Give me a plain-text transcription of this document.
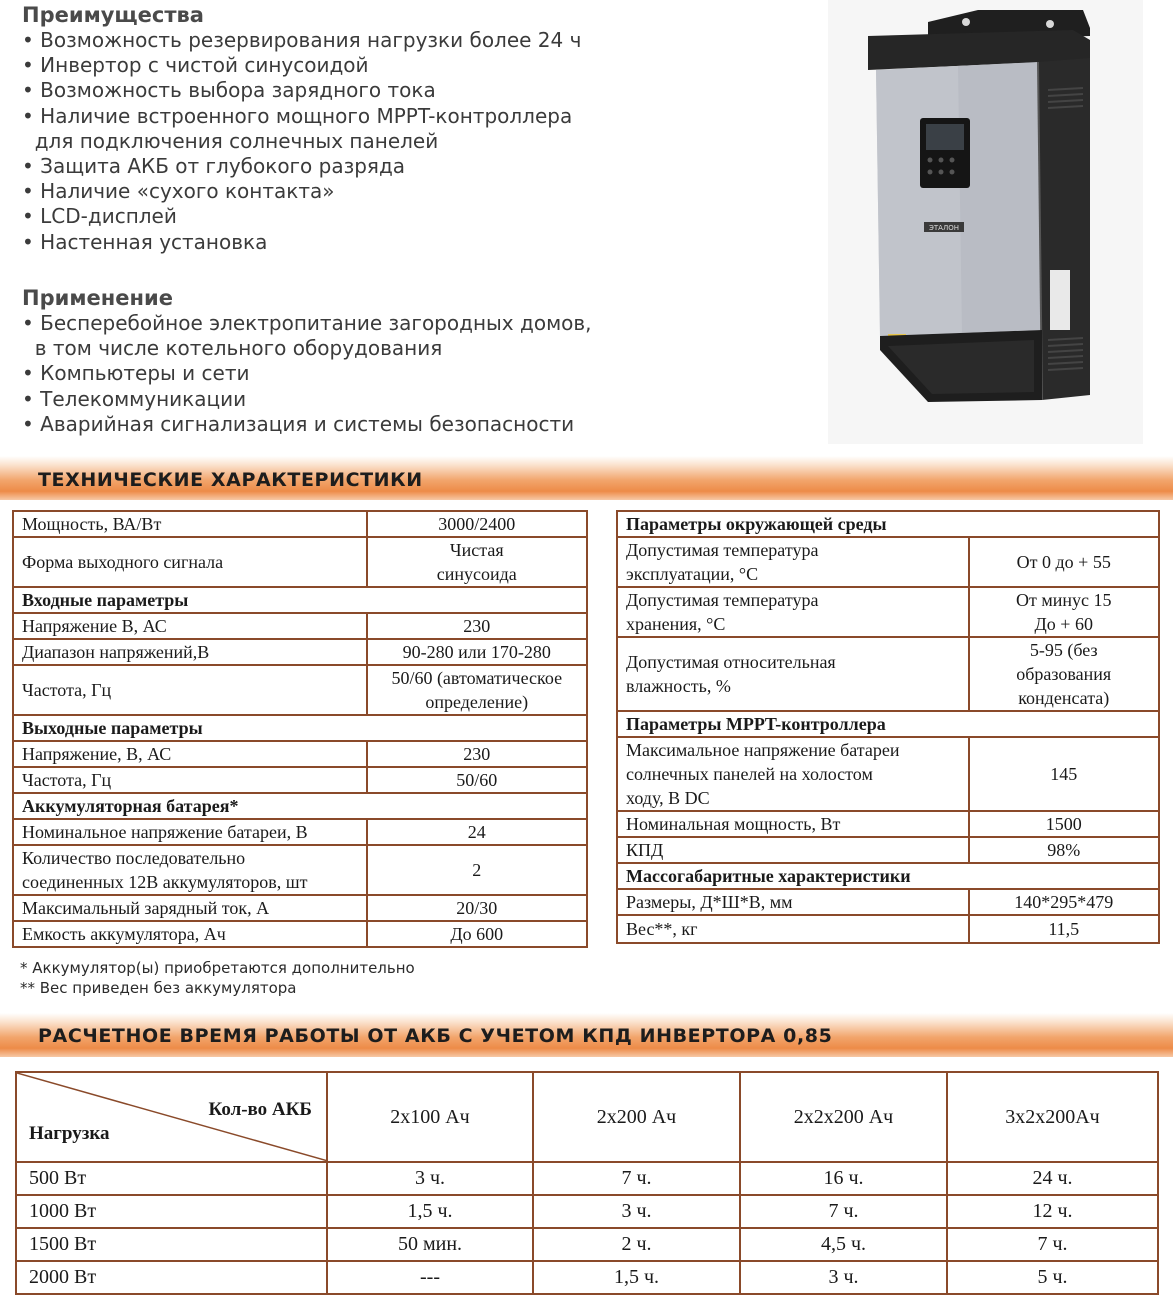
Преимущества
• Возможность резервирования нагрузки более 24 ч
• Инвертор с чистой синусоидой
• Возможность выбора зарядного тока
• Наличие встроенного мощного MPPT-контроллера
для подключения солнечных панелей
• Защита АКБ от глубокого разряда
• Наличие «сухого контакта»
• LCD-дисплей
• Настенная установка
Применение
• Бесперебойное электропитание загородных домов,
в том числе котельного оборудования
• Компьютеры и сети
• Телекоммуникации
• Аварийная сигнализация и системы безопасности
ЭТАЛОН
ТЕХНИЧЕСКИЕ ХАРАКТЕРИСТИКИ
Мощность, ВА/Вт	3000/2400
Форма выходного сигнала	Чистая
синусоида
Входные параметры	
Напряжение В, АС	230
Диапазон напряжений,В	90-280 или 170-280
Частота, Гц	50/60 (автоматическое
определение)
Выходные параметры	
Напряжение, В, АС	230
Частота, Гц	50/60
Аккумуляторная батарея*	
Номинальное напряжение батареи, В	24
Количество последовательно
соединенных 12В аккумуляторов, шт	2
Максимальный зарядный ток, А	20/30
Емкость аккумулятора, Ач	До 600
Параметры окружающей среды	
Допустимая температура
эксплуатации, °С	От 0 до + 55
Допустимая температура
хранения, °С	От минус 15
До + 60
Допустимая относительная
влажность, %	5-95 (без
образования
конденсата)
Параметры MPPT-контроллера	
Максимальное напряжение батареи
солнечных панелей на холостом
ходу, В DC	145
Номинальная мощность, Вт	1500
КПД	98%
Массогабаритные характеристики	
Размеры, Д*Ш*В, мм	140*295*479
Вес**, кг	11,5
* Аккумулятор(ы) приобретаются дополнительно
** Вес приведен без аккумулятора
РАСЧЕТНОЕ ВРЕМЯ РАБОТЫ ОТ АКБ С УЧЕТОМ КПД ИНВЕРТОРА 0,85
Кол-во АКБ
Нагрузка	2х100 Ач	2х200 Ач	2х2х200 Ач	3х2х200Ач
500 Вт	3 ч.	7 ч.	16 ч.	24 ч.
1000 Вт	1,5 ч.	3 ч.	7 ч.	12 ч.
1500 Вт	50 мин.	2 ч.	4,5 ч.	7 ч.
2000 Вт	---	1,5 ч.	3 ч.	5 ч.
